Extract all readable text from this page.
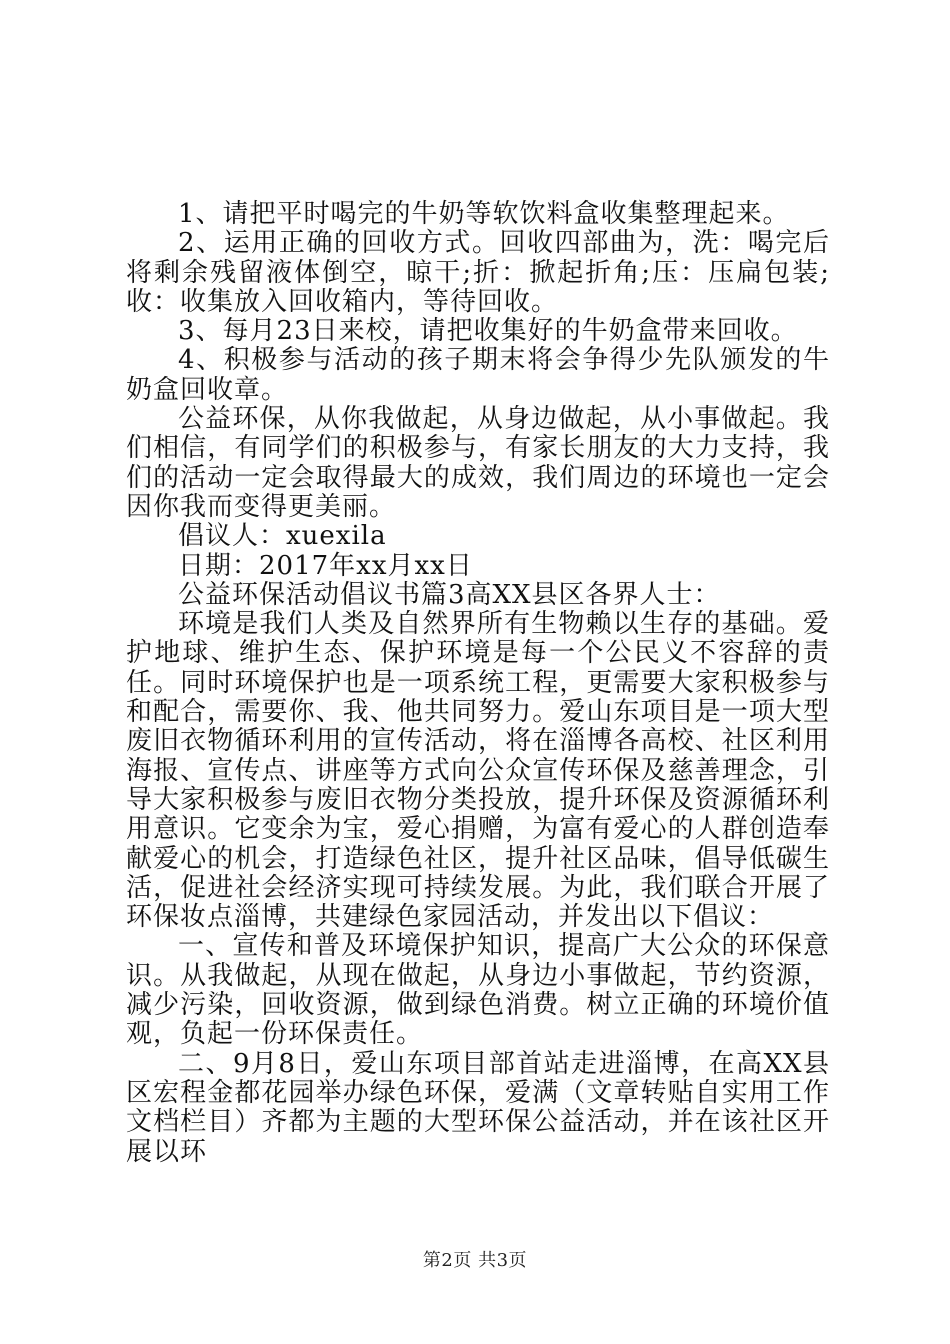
1、请把平时喝完的牛奶等软饮料盒收集整理起来。

2、运用正确的回收方式。回收四部曲为，洗：喝完后将剩余残留液体倒空，晾干;折：掀起折角;压：压扁包装;收：收集放入回收箱内，等待回收。

3、每月23日来校，请把收集好的牛奶盒带来回收。

4、积极参与活动的孩子期末将会争得少先队颁发的牛奶盒回收章。

公益环保，从你我做起，从身边做起，从小事做起。我们相信，有同学们的积极参与，有家长朋友的大力支持，我们的活动一定会取得最大的成效，我们周边的环境也一定会因你我而变得更美丽。

倡议人：xuexila

日期：2017年xx月xx日

公益环保活动倡议书篇3高XX县区各界人士：

环境是我们人类及自然界所有生物赖以生存的基础。爱护地球、维护生态、保护环境是每一个公民义不容辞的责任。同时环境保护也是一项系统工程，更需要大家积极参与和配合，需要你、我、他共同努力。爱山东项目是一项大型废旧衣物循环利用的宣传活动，将在淄博各高校、社区利用海报、宣传点、讲座等方式向公众宣传环保及慈善理念，引导大家积极参与废旧衣物分类投放，提升环保及资源循环利用意识。它变余为宝，爱心捐赠，为富有爱心的人群创造奉献爱心的机会，打造绿色社区，提升社区品味，倡导低碳生活，促进社会经济实现可持续发展。为此，我们联合开展了环保妆点淄博，共建绿色家园活动，并发出以下倡议：

一、宣传和普及环境保护知识，提高广大公众的环保意识。从我做起，从现在做起，从身边小事做起，节约资源，减少污染，回收资源，做到绿色消费。树立正确的环境价值观，负起一份环保责任。

二、9月8日，爱山东项目部首站走进淄博，在高XX县区宏程金都花园举办绿色环保，爱满（文章转贴自实用工作文档栏目）齐都为主题的大型环保公益活动，并在该社区开展以环

第2页 共3页
